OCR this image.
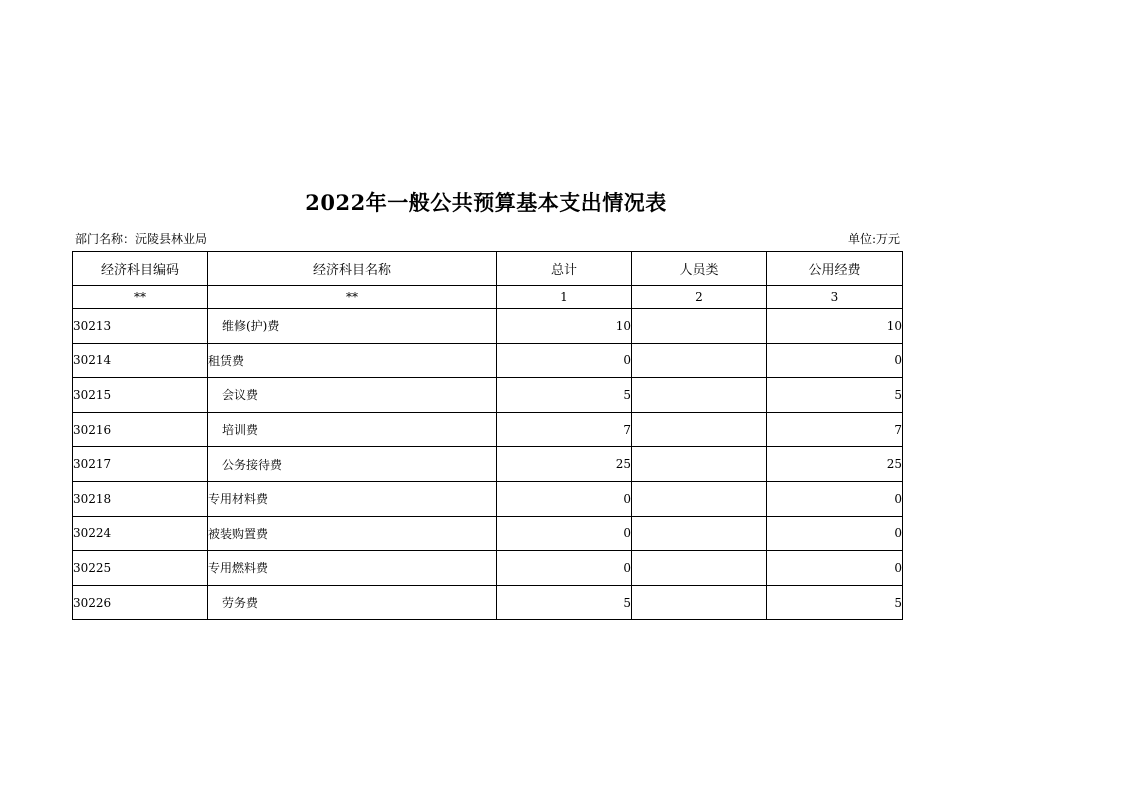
2022年一般公共预算基本支出情况表
部门名称：沅陵县林业局	单位:万元
经济科目编码	经济科目名称	总计	人员类	公用经费
**	**	1	2	3
30213	维修(护)费	10		10
30214	租赁费	0		0
30215	会议费	5		5
30216	培训费	7		7
30217	公务接待费	25		25
30218	专用材料费	0		0
30224	被装购置费	0		0
30225	专用燃料费	0		0
30226	劳务费	5		5
